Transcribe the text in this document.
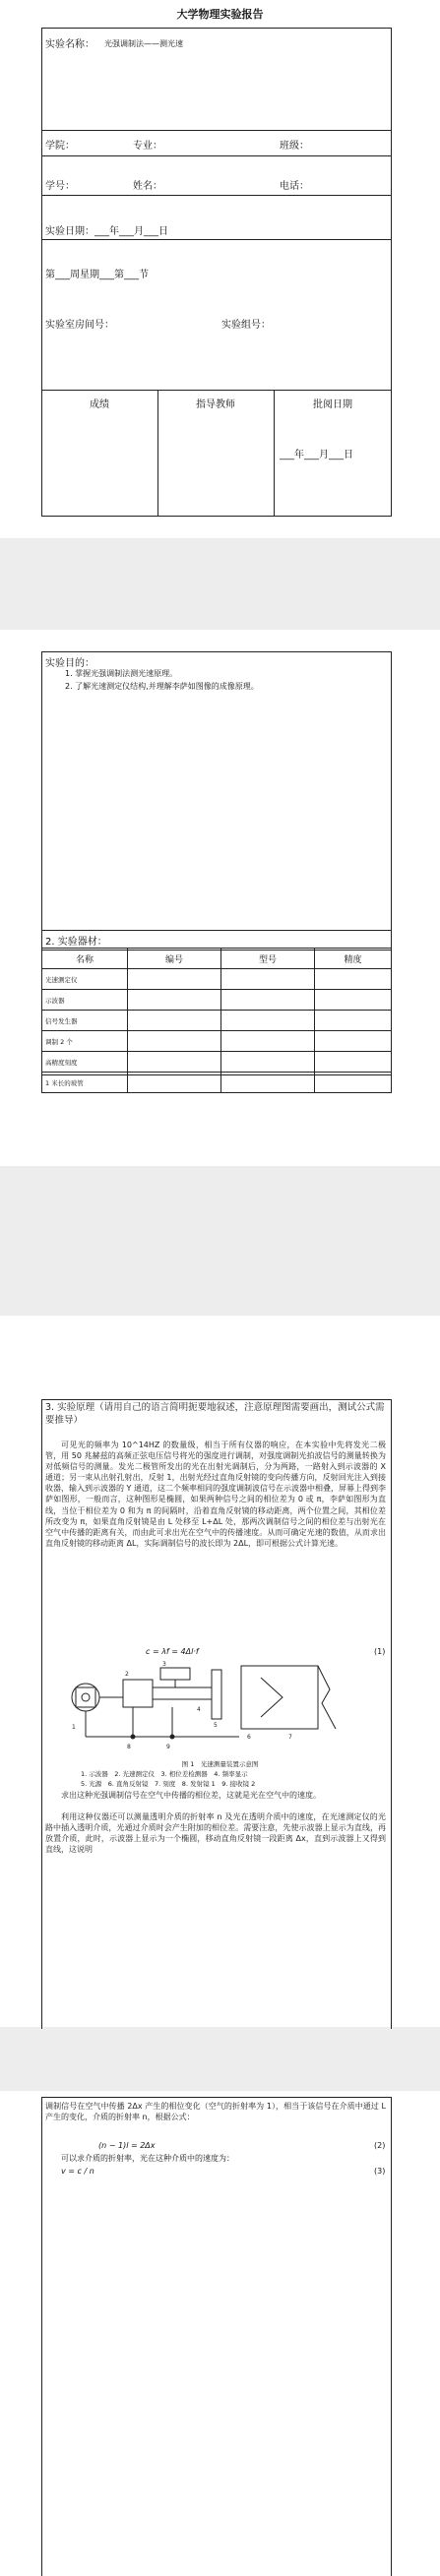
大学物理实验报告
实验名称： 光强调制法——测光速
学院：	专业：	班级：
学号：	姓名：	电话：
实验日期：___年___月___日
第___周星期___第___节
实验室房间号：	实验组号：
成绩	指导教师	批阅日期
___年___月___日
实验目的：
1. 掌握光强调制法测光速原理。
2. 了解光速测定仪结构,并理解李萨如图像的成像原理。
2. 实验器材：
名称	编号	型号	精度
光速测定仪			
示波器			
信号发生器			
调制 2 个			
高精度刻度			
1 米长的玻管			
3. 实验原理（请用自己的语言简明扼要地叙述，注意原理图需要画出，测试公式需要推导）
可见光的频率为 10^14HZ 的数量级，相当于所有仪器的响应，在本实验中先将发光二极管，用 50 兆赫兹的高频正弦电压信号将光的强度进行调制，对强度调制光拍波信号的测量转换为对低频信号的测量。发光二极管所发出的光在出射光调制后，分为两路，一路射入到示波器的 X 通道；另一束从出射孔射出，反射 1，出射光经过直角反射镜的变向传播方向，反射回光注入到接收器，输入到示波器的 Y 通道，这二个频率相同的强度调制波信号在示波器中相叠，屏幕上得到李萨如图形，一般而言，这种图形是椭圆，如果两种信号之间的相位差为 0 或 π，李萨如图形为直线，当位于相位差为 0 和为 π 的间隔时，沿着直角反射镜的移动距离，两个位置之间，其相位差所改变为 π，如果直角反射镜是由 L 处移至 L+ΔL 处，那两次调制信号之间的相位差与出射光在空气中传播的距离有关，而由此可求出光在空气中的传播速度。从而可确定光速的数值，从而求出直角反射镜的移动距离 ΔL，实际调制信号的波长即为 2ΔL，即可根据公式计算光速。
c = λf = 4Δl·f	(1)
1
2
3
4
5
6	7
8	9
图 1　光速测量装置示意图
1. 示波器　2. 光速测定仪　3. 相位差检测器　4. 频率显示
5. 光源　6. 直角反射镜　7. 刻度　8. 发射镜 1　9. 接收镜 2
求出这种光强调制信号在空气中传播的相位差，这就是光在空气中的速度。
利用这种仪器还可以测量透明介质的折射率 n 及光在透明介质中的速度，在光速测定仪的光路中插入透明介质，光通过介质时会产生附加的相位差。需要注意，先使示波器上显示为直线，再放置介质，此时，示波器上显示为一个椭圆，移动直角反射镜一段距离 Δx，直到示波器上又得到直线，这说明
调制信号在空气中传播 2Δx 产生的相位变化（空气的折射率为 1），相当于该信号在介质中通过 L 产生的变化，介质的折射率 n，根据公式：
(n − 1)l = 2Δx	(2)
可以求介质的折射率，光在这种介质中的速度为：
v = c / n	(3)
